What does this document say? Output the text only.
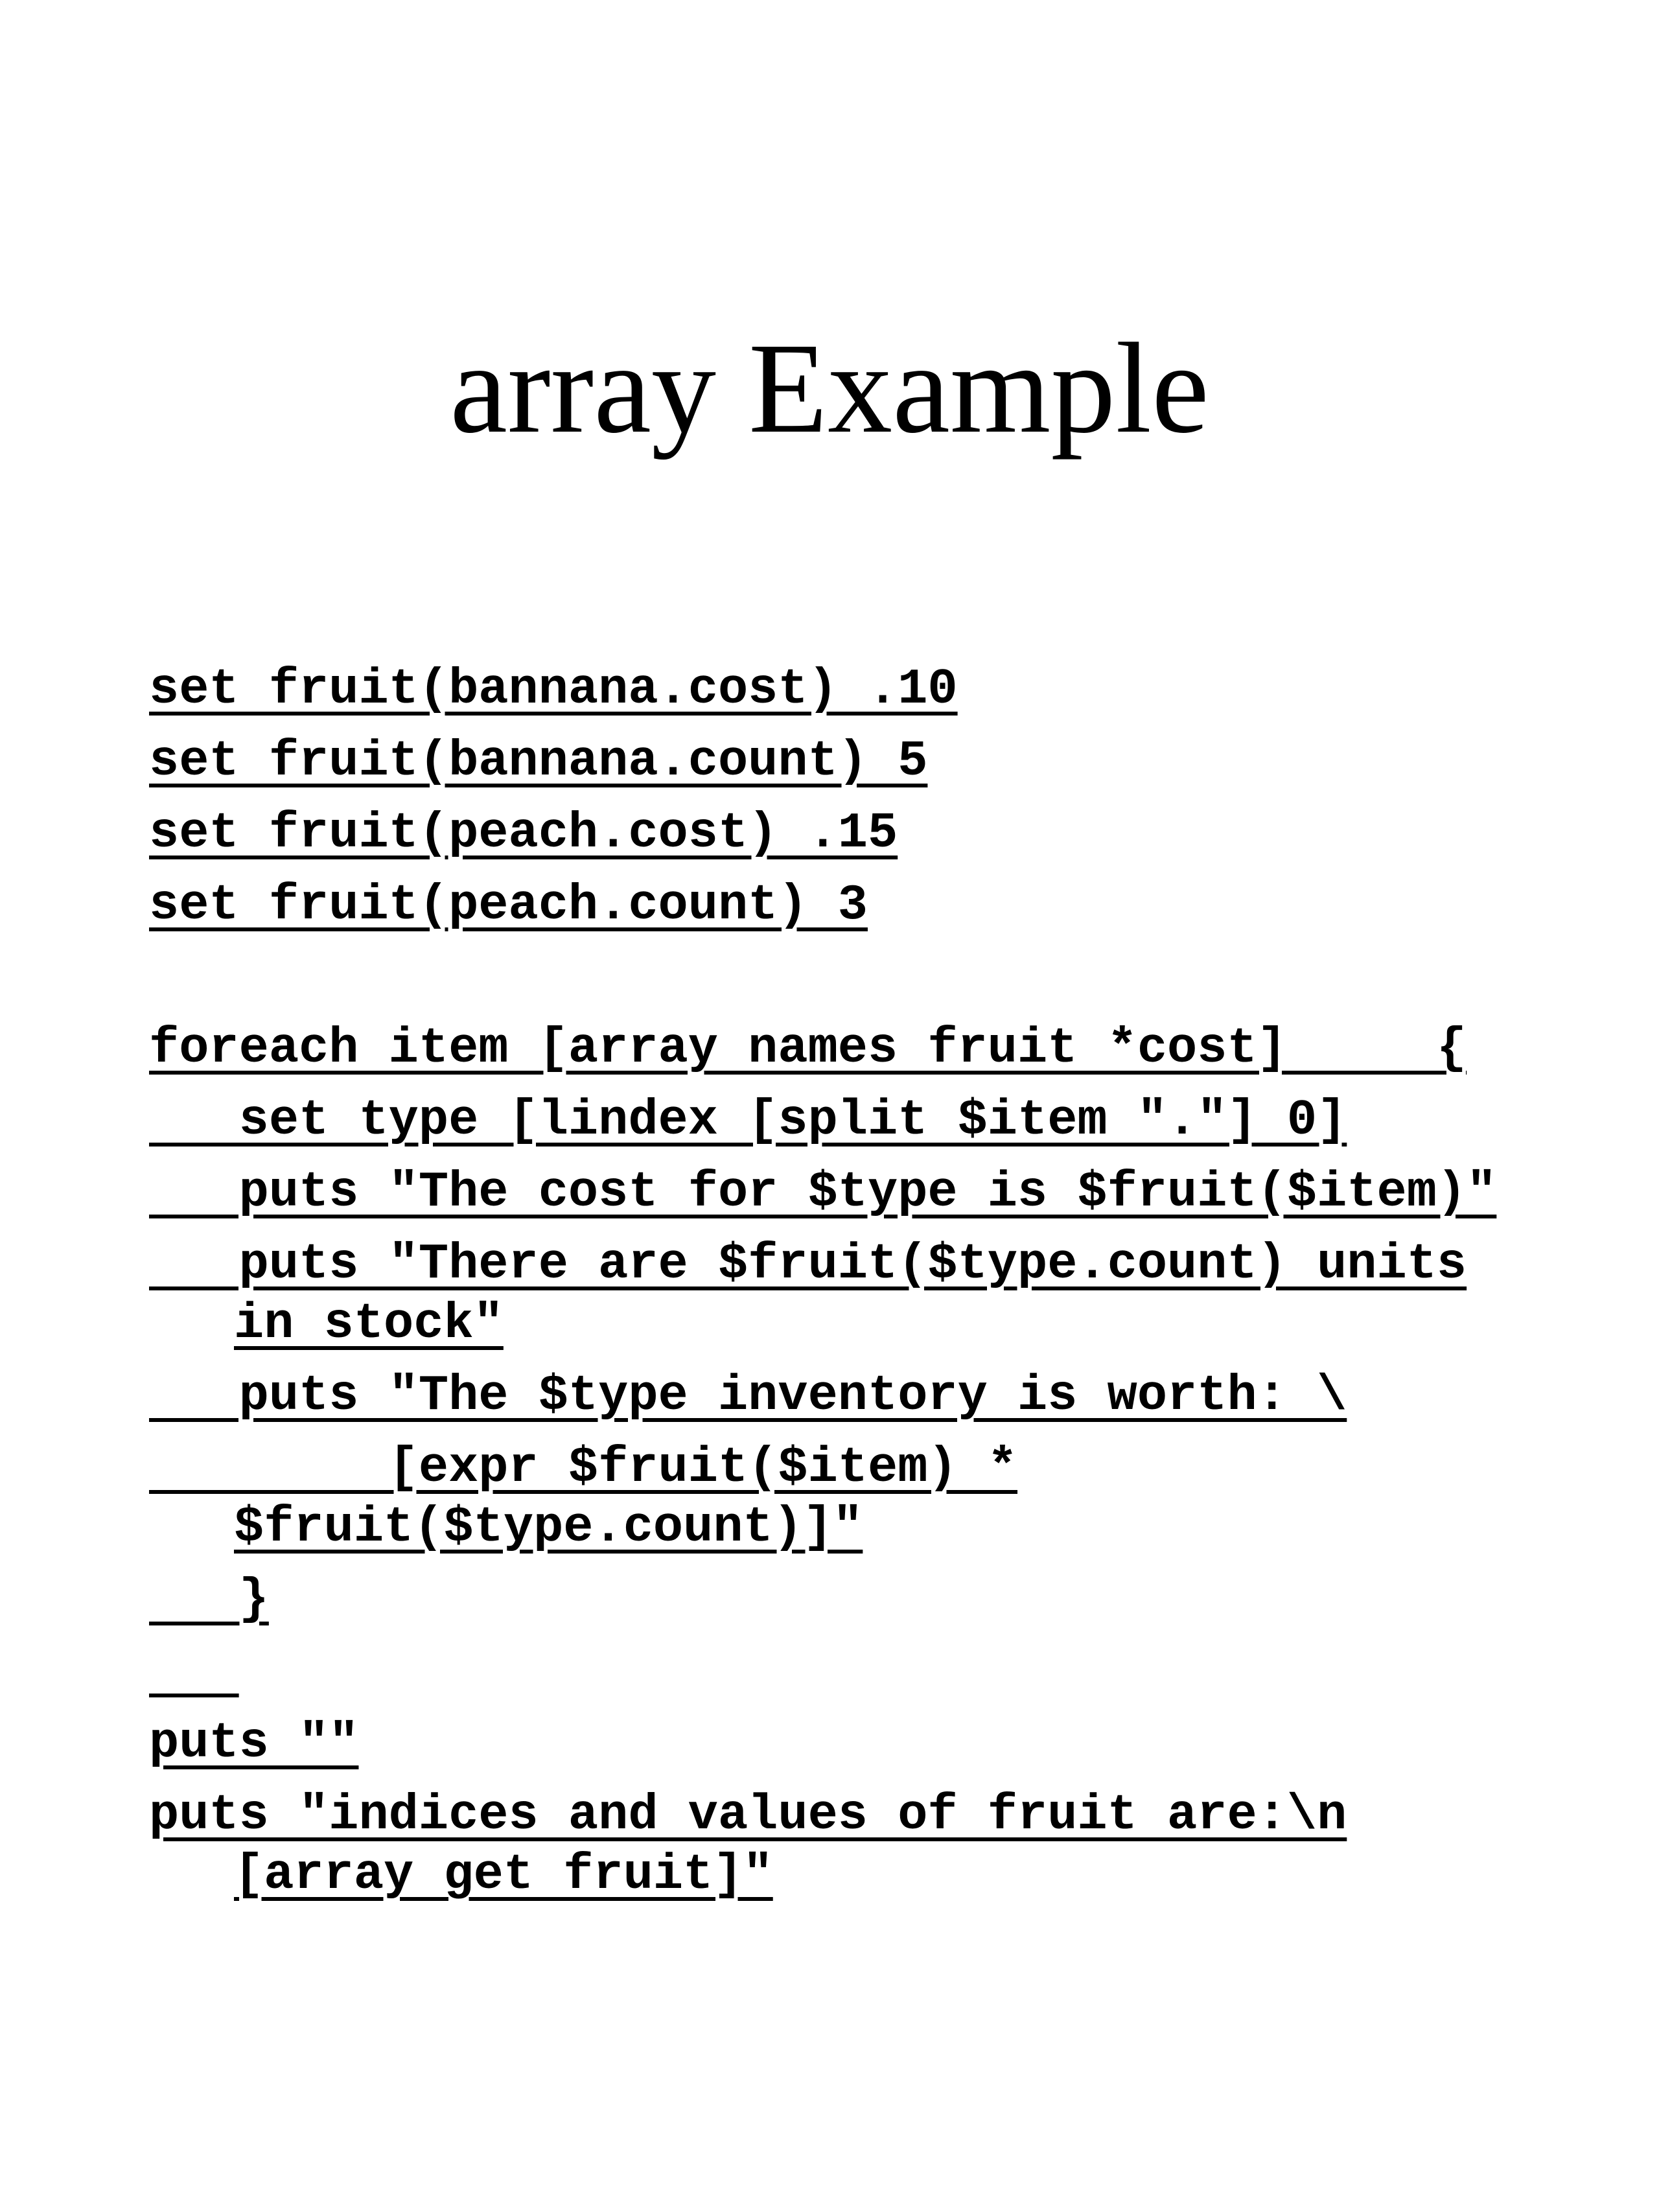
array Example

set fruit(bannana.cost) .10

set fruit(bannana.count) 5

set fruit(peach.cost) .15

set fruit(peach.count) 3

foreach item [array names fruit *cost]     {

set type [lindex [split $item "."] 0]

puts "The cost for $type is $fruit($item)"

puts "There are $fruit($type.count) units

in stock"

puts "The $type inventory is worth: \

[expr $fruit($item) *

$fruit($type.count)]"

}

puts ""

puts "indices and values of fruit are:\n

[array get fruit]"
